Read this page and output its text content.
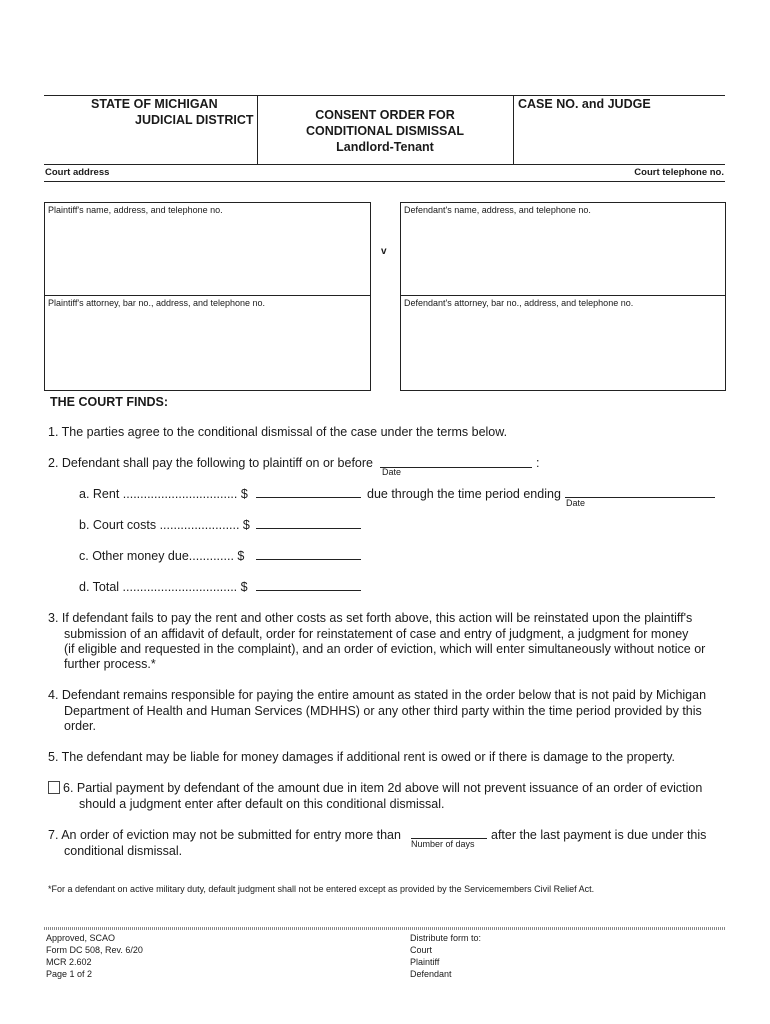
STATE OF MICHIGAN
JUDICIAL DISTRICT	CONSENT ORDER FOR
CONDITIONAL DISMISSAL
Landlord-Tenant
CASE NO. and JUDGE
Court address	Court telephone no.
Plaintiff's name, address, and telephone no.
Plaintiff's attorney, bar no., address, and telephone no.
v
Defendant's name, address, and telephone no.
Defendant's attorney, bar no., address, and telephone no.
THE COURT FINDS:
1. The parties agree to the conditional dismissal of the case under the terms below.
2. Defendant shall pay the following to plaintiff on or before	:
Date
a. Rent ................................. $	due through the time period ending
Date
b. Court costs ....................... $
c. Other money due............. $
d. Total ................................. $
3. If defendant fails to pay the rent and other costs as set forth above, this action will be reinstated upon the plaintiff's
submission of an affidavit of default, order for reinstatement of case and entry of judgment, a judgment for money
(if eligible and requested in the complaint), and an order of eviction, which will enter simultaneously without notice or
further process.*
4. Defendant remains responsible for paying the entire amount as stated in the order below that is not paid by Michigan
Department of Health and Human Services (MDHHS) or any other third party within the time period provided by this
order.
5. The defendant may be liable for money damages if additional rent is owed or if there is damage to the property.
6. Partial payment by defendant of the amount due in item 2d above will not prevent issuance of an order of eviction
should a judgment enter after default on this conditional dismissal.
7. An order of eviction may not be submitted for entry more than
Number of days
after the last payment is due under this
conditional dismissal.
*For a defendant on active military duty, default judgment shall not be entered except as provided by the Servicemembers Civil Relief Act.
Approved, SCAO
Form DC 508, Rev. 6/20
MCR 2.602
Page 1 of 2
Distribute form to:
Court
Plaintiff
Defendant
